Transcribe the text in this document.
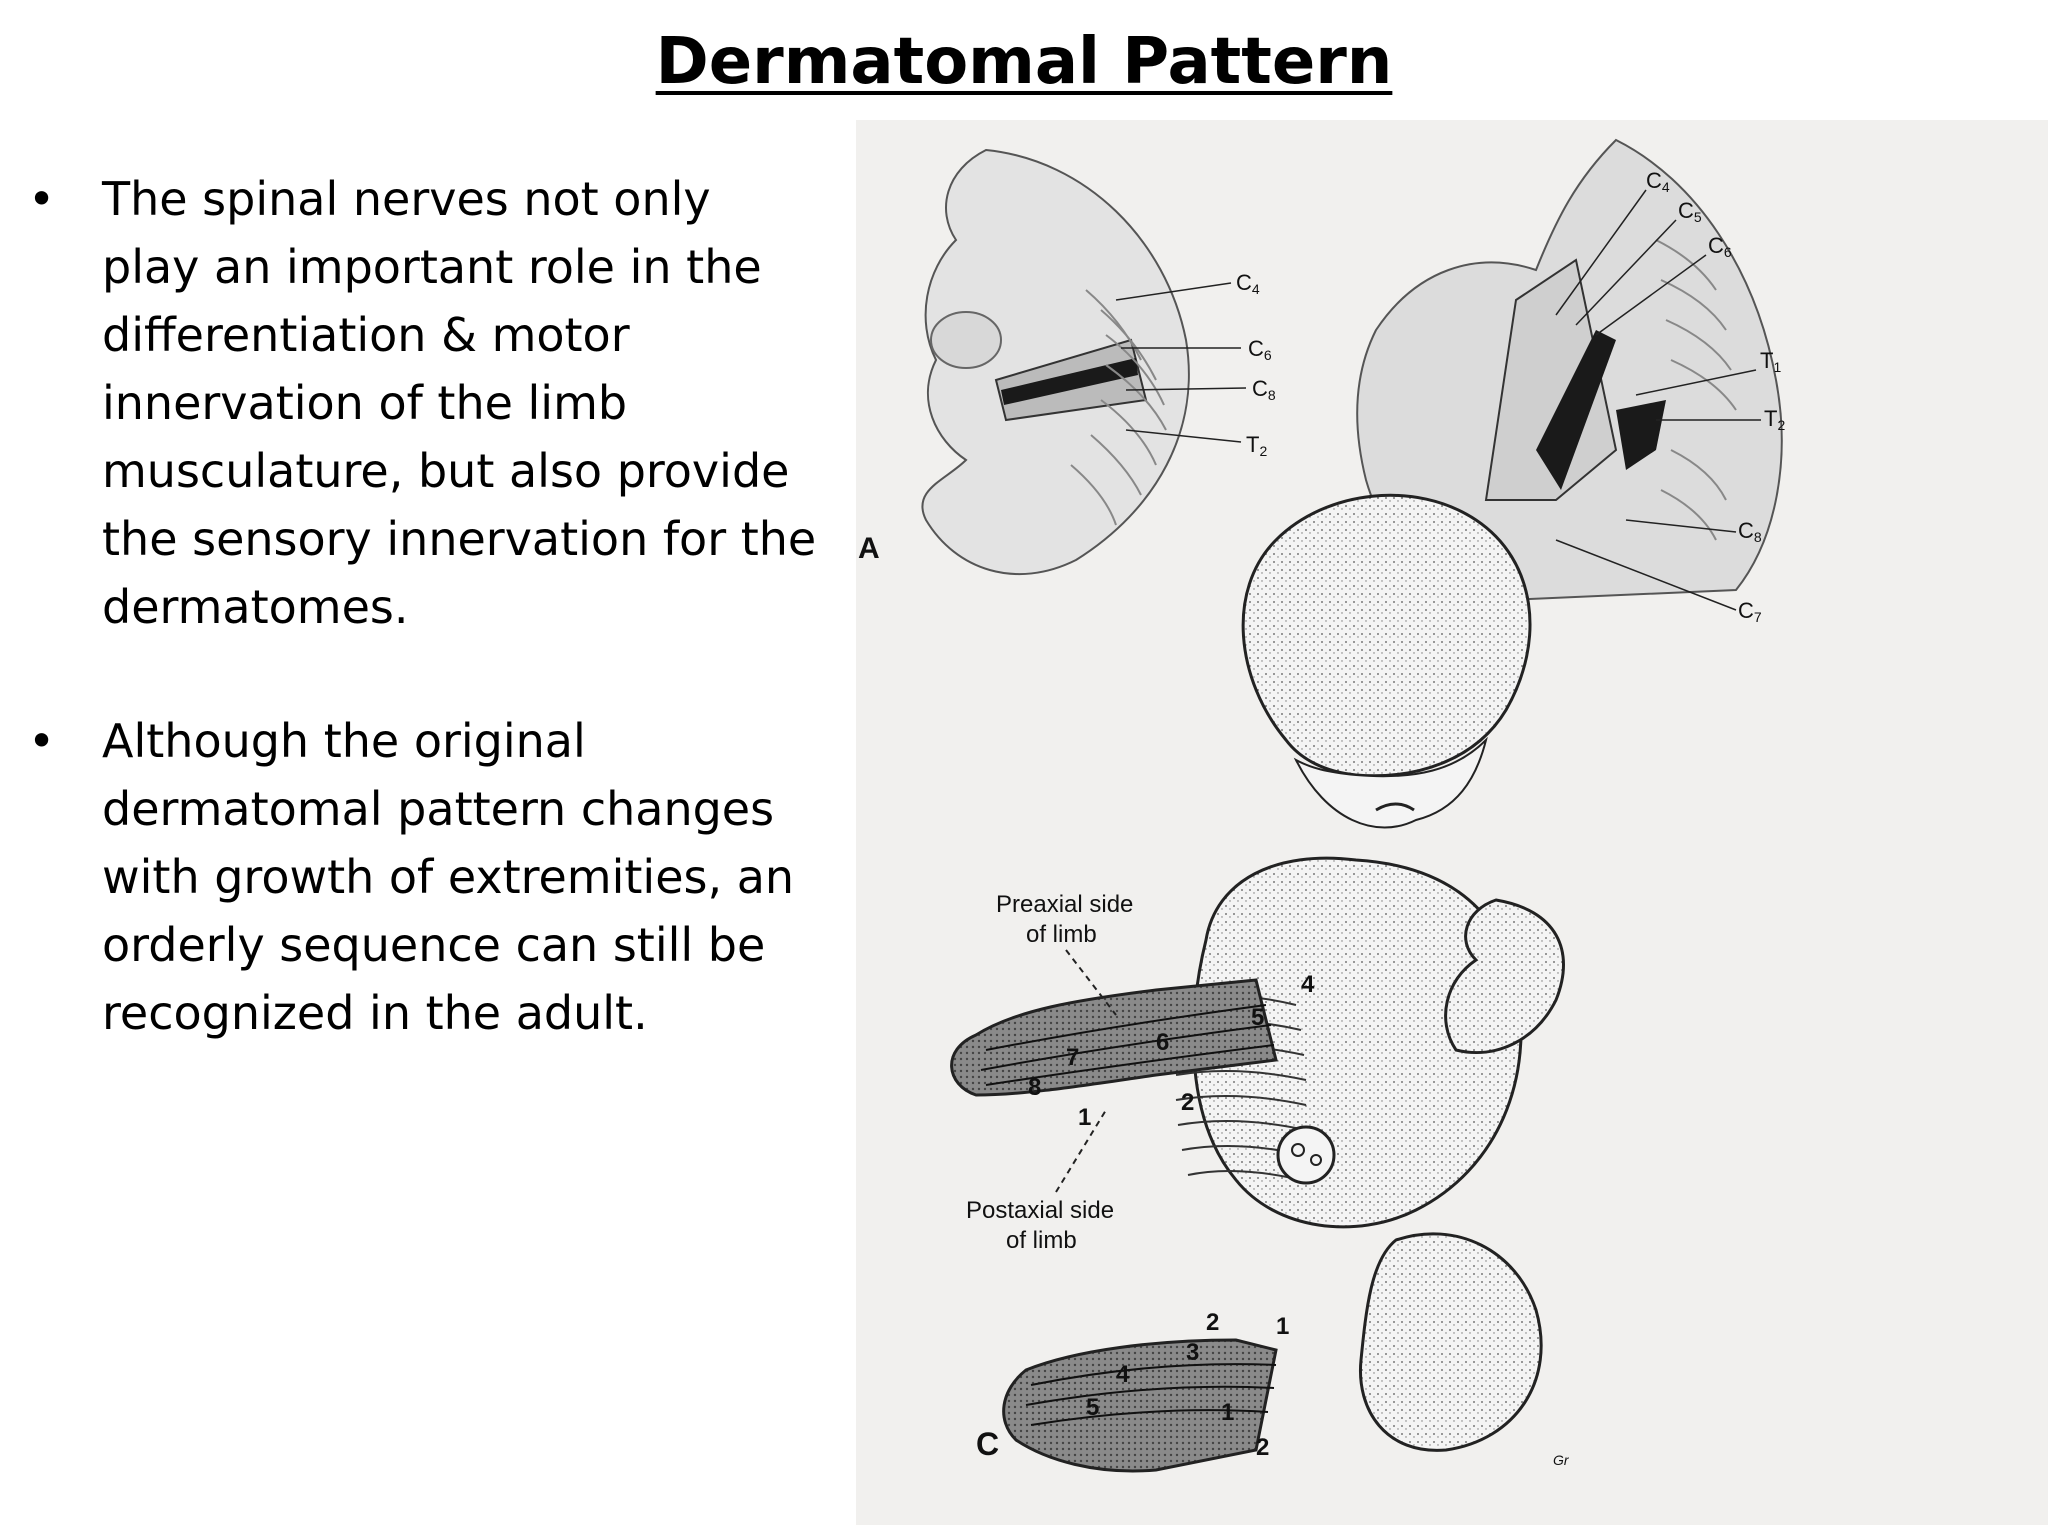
Dermatomal Pattern
• The spinal nerves not only play an important role in the differentiation & motor innervation of the limb musculature, but also provide the sensory innervation for the dermatomes.
• Although the original dermatomal pattern changes with growth of extremities, an orderly sequence can still be recognized in the adult.
C4
C6
C8
T2
A
C4
C5
C6
T1
T2
C8
C7
Preaxial side
of limb
Postaxial side
of limb
4
5
6
7
8
1
2
2 1
3
4
5	1
2
C	Gr
